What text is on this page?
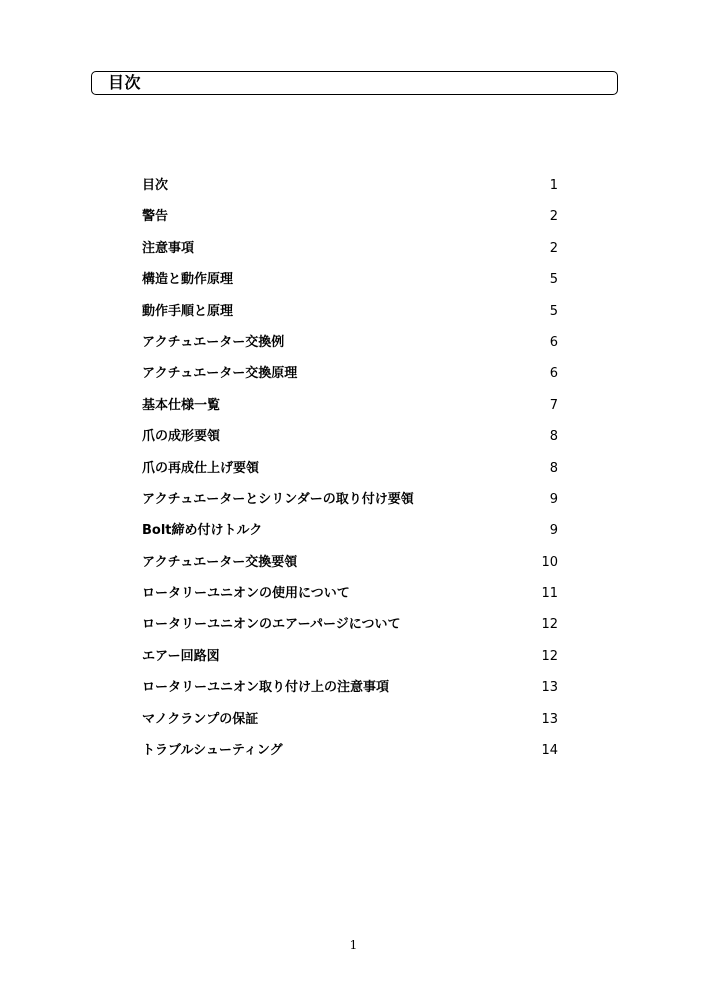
目次
目次	1
警告	2
注意事項	2
構造と動作原理	5
動作手順と原理	5
アクチュエーター交換例	6
アクチュエーター交換原理	6
基本仕様一覧	7
爪の成形要領	8
爪の再成仕上げ要領	8
アクチュエーターとシリンダーの取り付け要領	9
Bolt締め付けトルク	9
アクチュエーター交換要領	10
ロータリーユニオンの使用について	11
ロータリーユニオンのエアーパージについて	12
エアー回路図	12
ロータリーユニオン取り付け上の注意事項	13
マノクランプの保証	13
トラブルシューティング	14
1
